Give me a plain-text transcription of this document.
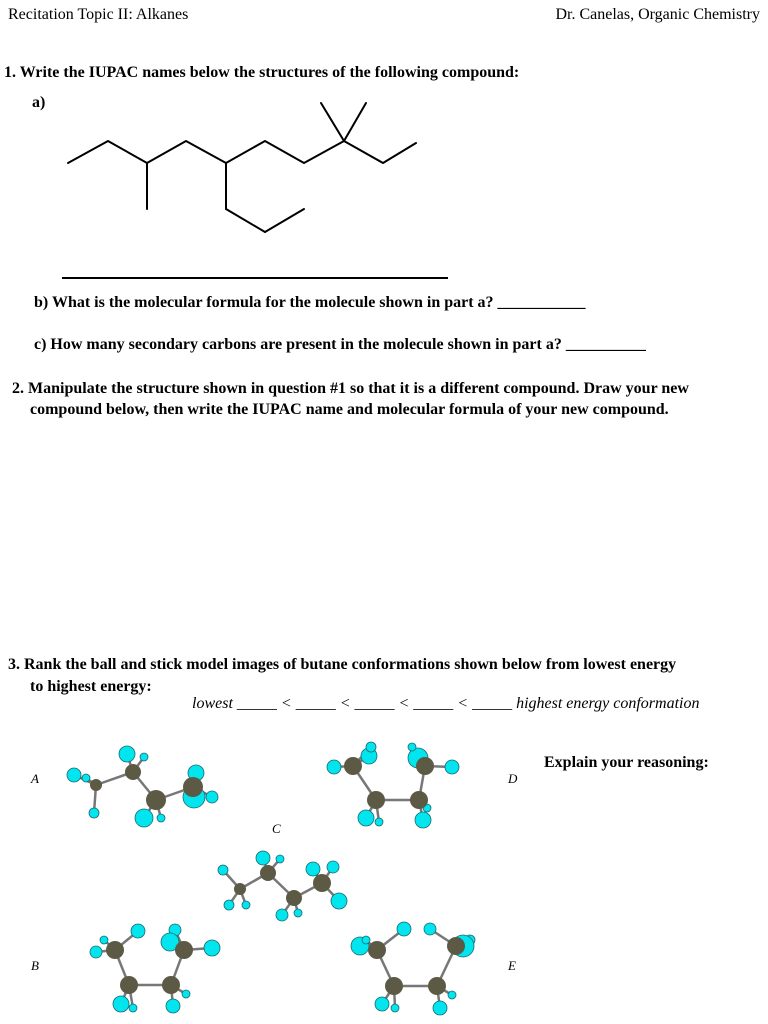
Recitation Topic II: Alkanes	Dr. Canelas, Organic Chemistry
1. Write the IUPAC names below the structures of the following compound:
a)
b) What is the molecular formula for the molecule shown in part a? ___________
c) How many secondary carbons are present in the molecule shown in part a? __________
2. Manipulate the structure shown in question #1 so that it is a different compound. Draw your new
compound below, then write the IUPAC name and molecular formula of your new compound.
3. Rank the ball and stick model images of butane conformations shown below from lowest energy
to highest energy:
lowest _____ < _____ < _____ < _____ < _____ highest energy conformation
Explain your reasoning:
A	D
C
B	E
